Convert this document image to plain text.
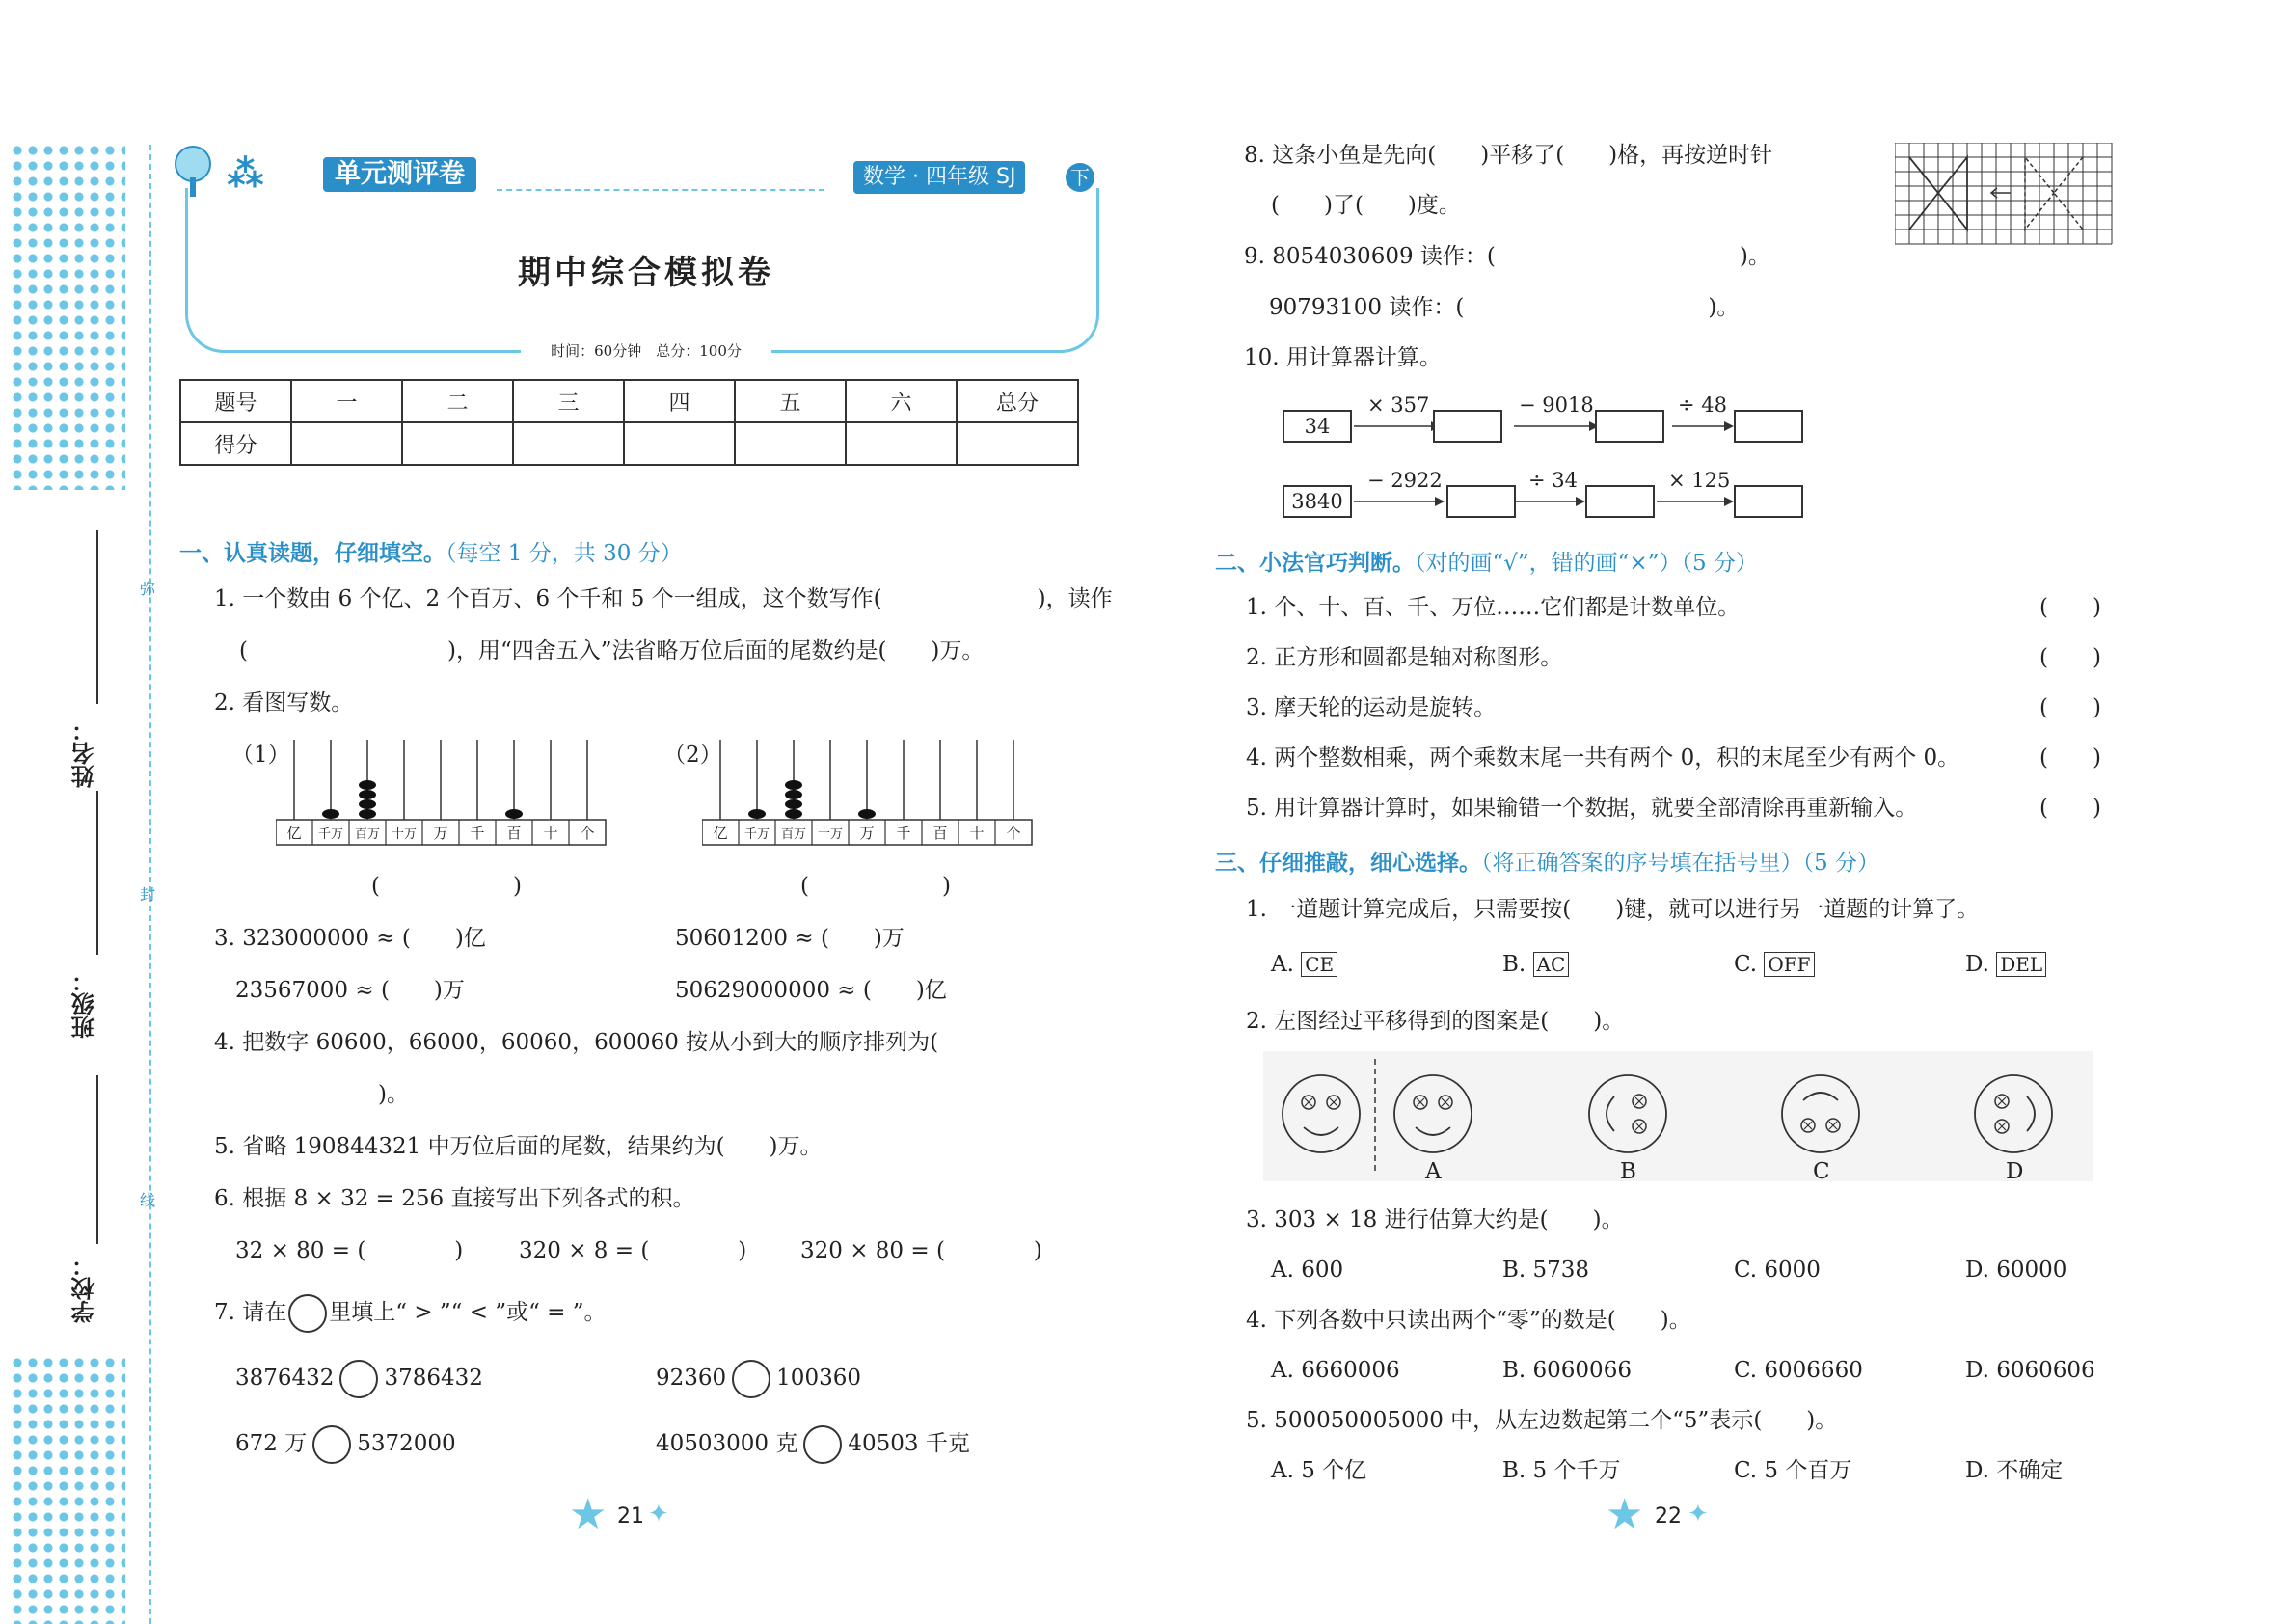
姓名：
班级：
学校：
弥
封
线
⁂	单元测评卷	数学 · 四年级 SJ	下
期中综合模拟卷
时间：60分钟　总分：100分
题号	一	二	三	四	五	六	总分
得分							
一、认真读题，仔细填空。（每空 1 分，共 30 分）
1. 一个数由 6 个亿、2 个百万、6 个千和 5 个一组成，这个数写作(　　　　　　　)，读作
(　　　　　　　　　)，用“四舍五入”法省略万位后面的尾数约是(　　)万。
2. 看图写数。
（1）
亿 千万 百万 十万 万 千 百 十 个
(　　　　　　)
（2）
亿 千万 百万 十万 万 千 百 十 个
(　　　　　　)
3. 323000000 ≈ (　　)亿	50601200 ≈ (　　)万
23567000 ≈ (　　)万	50629000000 ≈ (　　)亿
4. 把数字 60600，66000，60060，600060 按从小到大的顺序排列为(
)。
5. 省略 190844321 中万位后面的尾数，结果约为(　　)万。
6. 根据 8 × 32 = 256 直接写出下列各式的积。
32 × 80 = (　　　　)	320 × 8 = (　　　　) 320 × 80 = (　　　　)
7. 请在 里填上“ > ”“ < ”或“ = ”。
3876432 3786432	92360 100360
672 万 5372000	40503000 克 40503 千克
★ ✦
21
8. 这条小鱼是先向(　　)平移了(　　)格，再按逆时针
(　　)了(　　)度。
9. 8054030609 读作：(　　　　　　　　　　　)。
90793100 读作：(　　　　　　　　　　　)。
10. 用计算器计算。
34
× 357	− 9018	÷ 48
3840
− 2922	÷ 34	× 125
二、小法官巧判断。（对的画“√”，错的画“×”）（5 分）
1. 个、十、百、千、万位……它们都是计数单位。
2. 正方形和圆都是轴对称图形。
3. 摩天轮的运动是旋转。
4. 两个整数相乘，两个乘数末尾一共有两个 0，积的末尾至少有两个 0。
5. 用计算器计算时，如果输错一个数据，就要全部清除再重新输入。
(　　)
(　　)
(　　)
(　　)
(　　)
三、仔细推敲，细心选择。（将正确答案的序号填在括号里）（5 分）
1. 一道题计算完成后，只需要按(　　)键，就可以进行另一道题的计算了。
A. CE	B. AC	C. OFF	D. DEL
2. 左图经过平移得到的图案是(　　)。
A	B	C	D
3. 303 × 18 进行估算大约是(　　)。
A. 600	B. 5738	C. 6000	D. 60000
4. 下列各数中只读出两个“零”的数是(　　)。
A. 6660006	B. 6060066	C. 6006660	D. 6060606
5. 500050005000 中，从左边数起第二个“5”表示(　　)。
A. 5 个亿	B. 5 个千万	C. 5 个百万	D. 不确定
★ ✦
22
